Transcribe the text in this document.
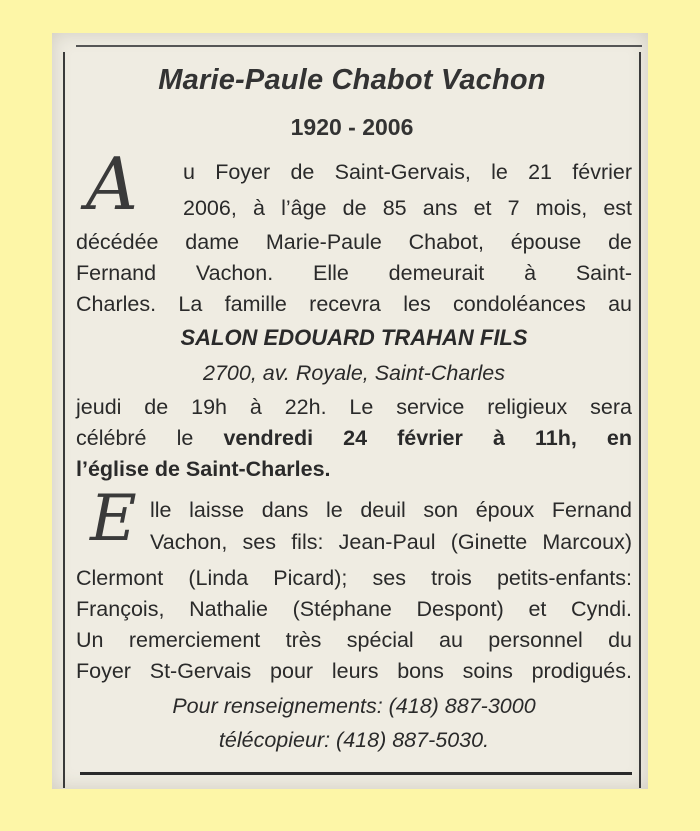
Marie-Paule Chabot Vachon
1920 - 2006
A u Foyer de Saint-Gervais, le 21 février
2006, à l’âge de 85 ans et 7 mois, est
décédée dame Marie-Paule Chabot, épouse de
Fernand Vachon. Elle demeurait à Saint-
Charles. La famille recevra les condoléances au
SALON EDOUARD TRAHAN FILS
2700, av. Royale, Saint-Charles
jeudi de 19h à 22h. Le service religieux sera
célébré le vendredi 24 février à 11h, en
l’église de Saint-Charles.
E lle laisse dans le deuil son époux Fernand
Vachon, ses fils: Jean-Paul (Ginette Marcoux)
Clermont (Linda Picard); ses trois petits-enfants:
François, Nathalie (Stéphane Despont) et Cyndi.
Un remerciement très spécial au personnel du
Foyer St-Gervais pour leurs bons soins prodigués.
Pour renseignements: (418) 887-3000
télécopieur: (418) 887-5030.
